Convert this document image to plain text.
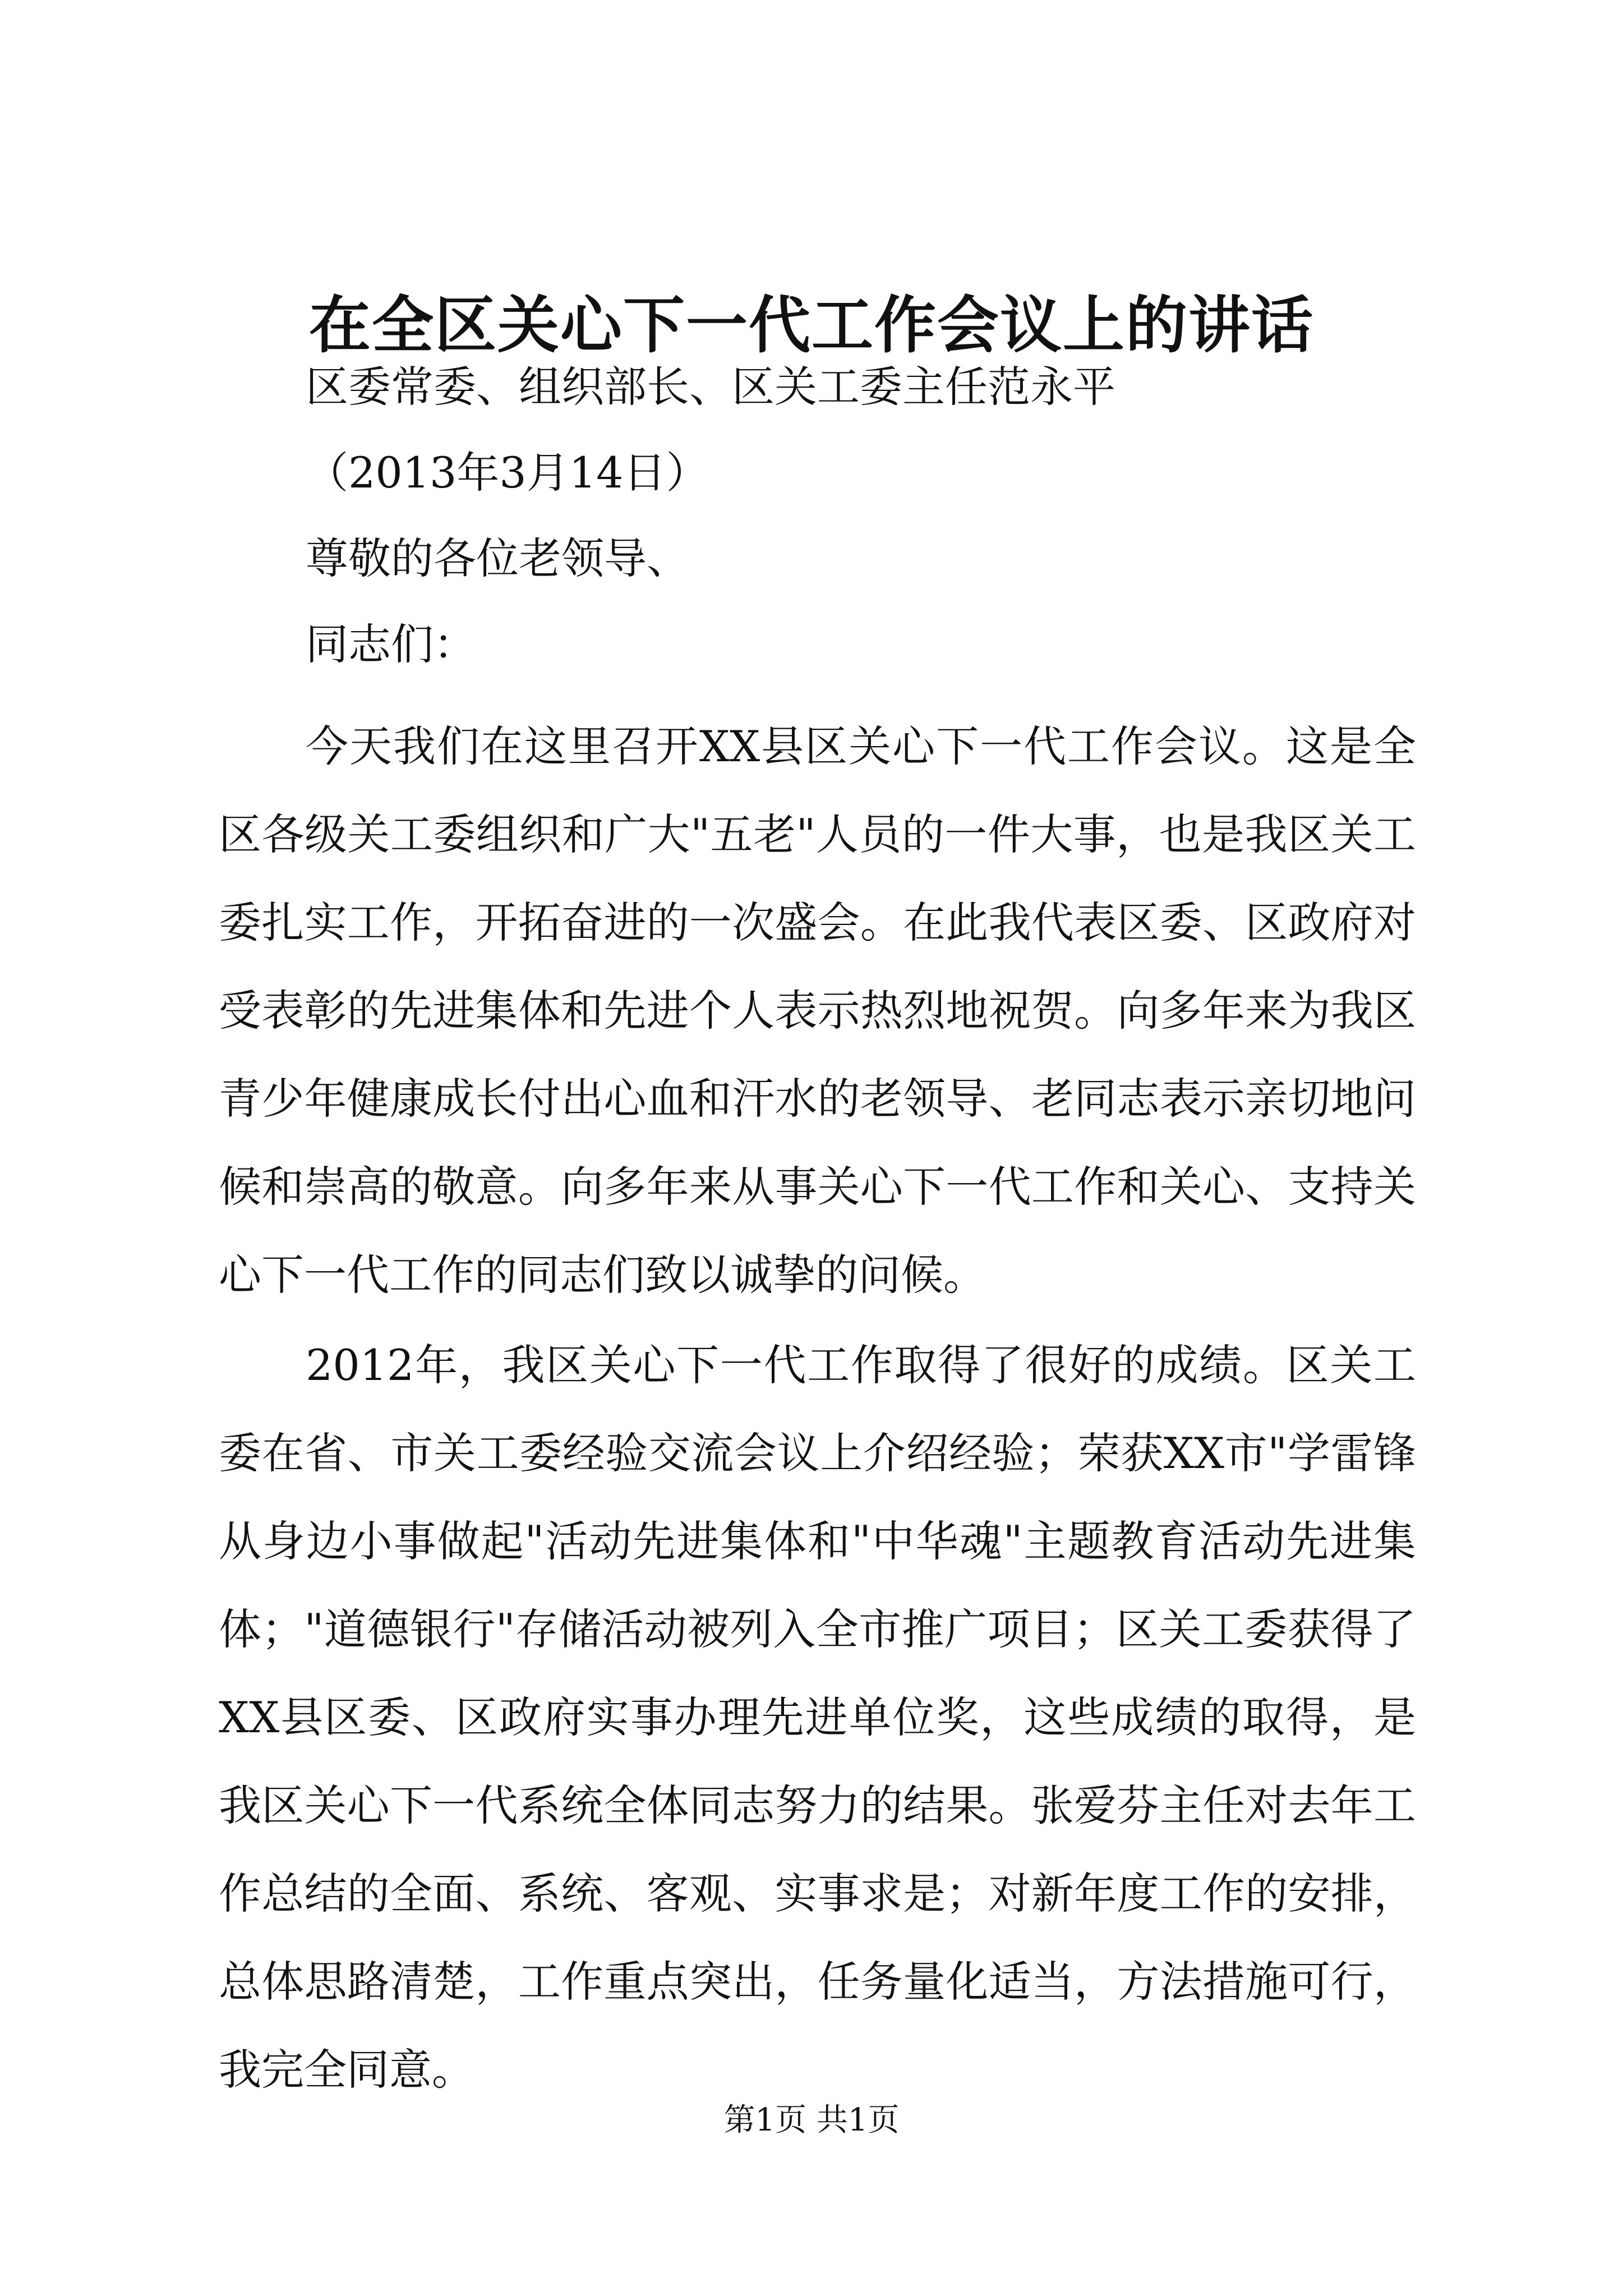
在全区关心下一代工作会议上的讲话
区委常委、组织部长、区关工委主任范永平
（2013年3月14日）
尊敬的各位老领导、
同志们：

今天我们在这里召开XX县区关心下一代工作会议。这是全区各级关工委组织和广大"五老"人员的一件大事，也是我区关工委扎实工作，开拓奋进的一次盛会。在此我代表区委、区政府对受表彰的先进集体和先进个人表示热烈地祝贺。向多年来为我区青少年健康成长付出心血和汗水的老领导、老同志表示亲切地问候和崇高的敬意。向多年来从事关心下一代工作和关心、支持关心下一代工作的同志们致以诚挚的问候。

2012年，我区关心下一代工作取得了很好的成绩。区关工委在省、市关工委经验交流会议上介绍经验；荣获XX市"学雷锋从身边小事做起"活动先进集体和"中华魂"主题教育活动先进集体；"道德银行"存储活动被列入全市推广项目；区关工委获得了XX县区委、区政府实事办理先进单位奖，这些成绩的取得，是我区关心下一代系统全体同志努力的结果。张爱芬主任对去年工作总结的全面、系统、客观、实事求是；对新年度工作的安排，总体思路清楚，工作重点突出，任务量化适当，方法措施可行，我完全同意。

第1页 共1页
